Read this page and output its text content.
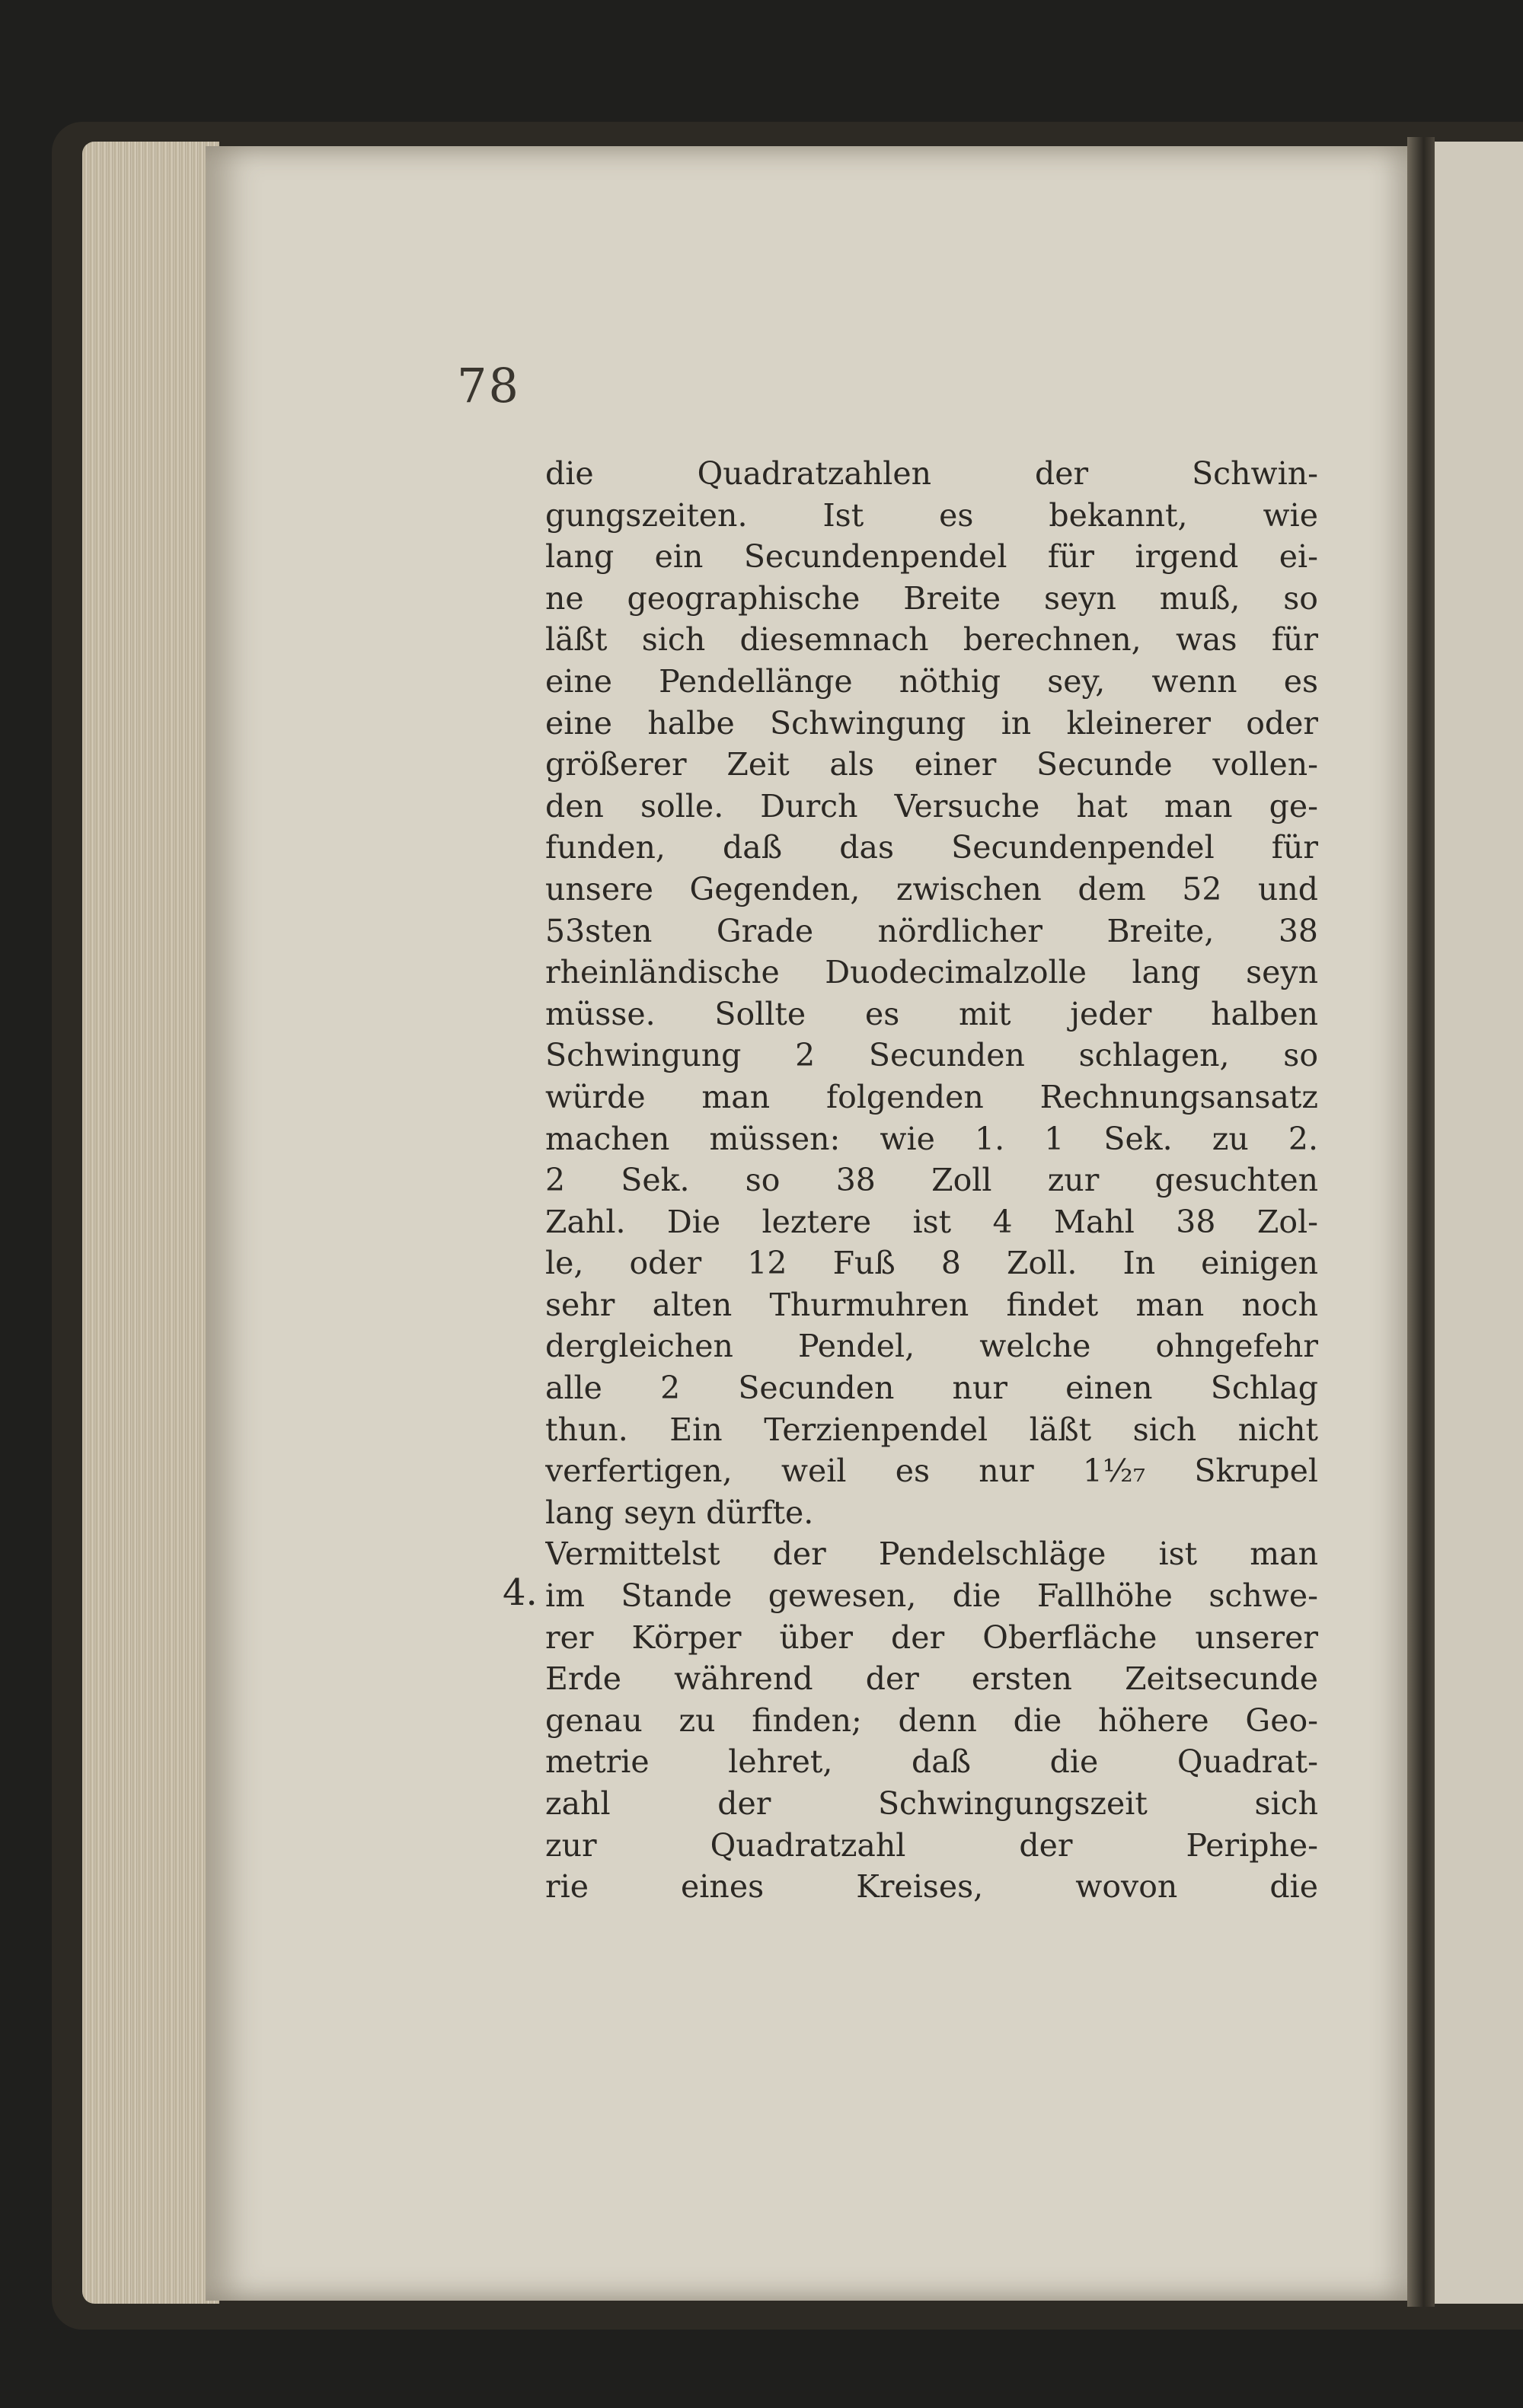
78
4.
die Quadratzahlen der Schwin-
gungszeiten. Ist es bekannt, wie
lang ein Secundenpendel für irgend ei-
ne geographische Breite seyn muß, so
läßt sich diesemnach berechnen, was für
eine Pendellänge nöthig sey, wenn es
eine halbe Schwingung in kleinerer oder
größerer Zeit als einer Secunde vollen-
den solle. Durch Versuche hat man ge-
funden, daß das Secundenpendel für
unsere Gegenden, zwischen dem 52 und
53sten Grade nördlicher Breite, 38
rheinländische Duodecimalzolle lang seyn
müsse. Sollte es mit jeder halben
Schwingung 2 Secunden schlagen, so
würde man folgenden Rechnungsansatz
machen müssen: wie 1. 1 Sek. zu 2.
2 Sek. so 38 Zoll zur gesuchten
Zahl. Die leztere ist 4 Mahl 38 Zol-
le, oder 12 Fuß 8 Zoll. In einigen
sehr alten Thurmuhren findet man noch
dergleichen Pendel, welche ohngefehr
alle 2 Secunden nur einen Schlag
thun. Ein Terzienpendel läßt sich nicht
verfertigen, weil es nur 1½₇ Skrupel
lang seyn dürfte.
Vermittelst der Pendelschläge ist man
im Stande gewesen, die Fallhöhe schwe-
rer Körper über der Oberfläche unserer
Erde während der ersten Zeitsecunde
genau zu finden; denn die höhere Geo-
metrie lehret, daß die Quadrat-
zahl der Schwingungszeit sich
zur Quadratzahl der Periphe-
rie eines Kreises, wovon die
